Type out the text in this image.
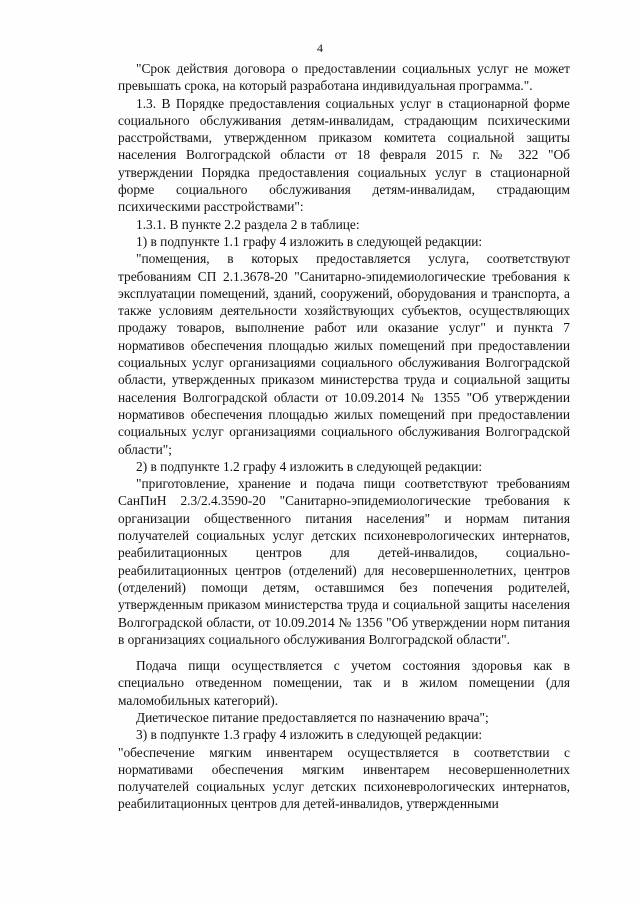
4

"Срок действия договора о предоставлении социальных услуг не может превышать срока, на который разработана индивидуальная программа.".

1.3. В Порядке предоставления социальных услуг в стационарной форме социального обслуживания детям-инвалидам, страдающим психическими расстройствами, утвержденном приказом комитета социальной защиты населения Волгоградской области от 18 февраля 2015 г. № 322 "Об утверждении Порядка предоставления социальных услуг в стационарной форме социального обслуживания детям-инвалидам, страдающим психическими расстройствами":

1.3.1. В пункте 2.2 раздела 2 в таблице:

1) в подпункте 1.1 графу 4 изложить в следующей редакции:

"помещения, в которых предоставляется услуга, соответствуют требованиям СП 2.1.3678-20 "Санитарно-эпидемиологические требования к эксплуатации помещений, зданий, сооружений, оборудования и транспорта, а также условиям деятельности хозяйствующих субъектов, осуществляющих продажу товаров, выполнение работ или оказание услуг" и пункта 7 нормативов обеспечения площадью жилых помещений при предоставлении социальных услуг организациями социального обслуживания Волгоградской области, утвержденных приказом министерства труда и социальной защиты населения Волгоградской области от 10.09.2014 № 1355 "Об утверждении нормативов обеспечения площадью жилых помещений при предоставлении социальных услуг организациями социального обслуживания Волгоградской области";

2) в подпункте 1.2 графу 4 изложить в следующей редакции:

"приготовление, хранение и подача пищи соответствуют требованиям СанПиН 2.3/2.4.3590-20 "Санитарно-эпидемиологические требования к организации общественного питания населения" и нормам питания получателей социальных услуг детских психоневрологических интернатов, реабилитационных центров для детей-инвалидов, социально-реабилитационных центров (отделений) для несовершеннолетних, центров (отделений) помощи детям, оставшимся без попечения родителей, утвержденным приказом министерства труда и социальной защиты населения Волгоградской области, от 10.09.2014 № 1356 "Об утверждении норм питания в организациях социального обслуживания Волгоградской области".

Подача пищи осуществляется с учетом состояния здоровья как в специально отведенном помещении, так и в жилом помещении (для маломобильных категорий).

Диетическое питание предоставляется по назначению врача";

3) в подпункте 1.3 графу 4 изложить в следующей редакции:

"обеспечение мягким инвентарем осуществляется в соответствии с нормативами обеспечения мягким инвентарем несовершеннолетних получателей социальных услуг детских психоневрологических интернатов, реабилитационных центров для детей-инвалидов, утвержденными
